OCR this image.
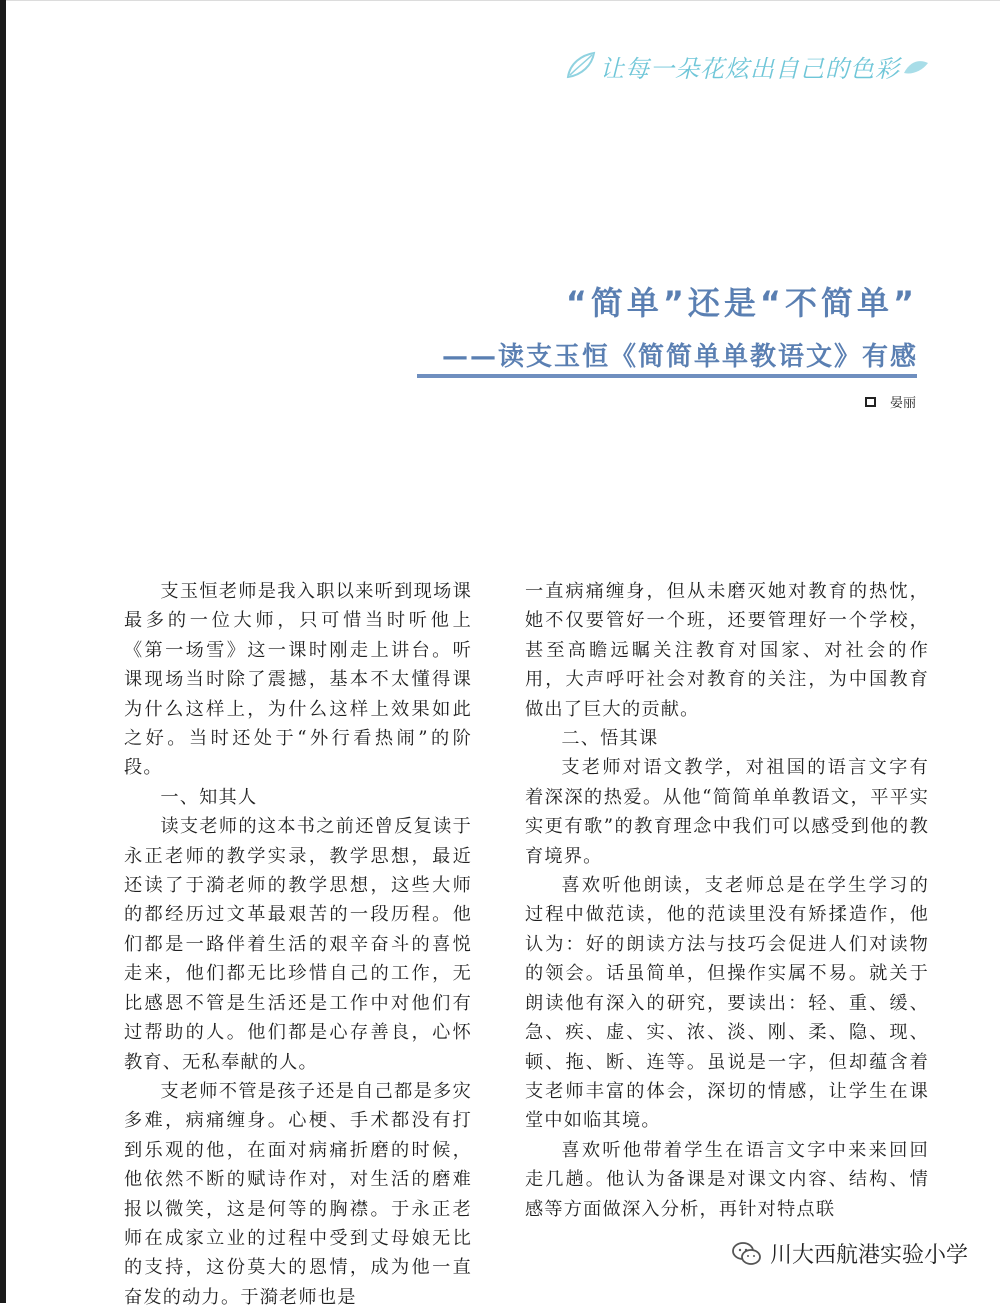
让每一朵花炫出自己的色彩
“简单”还是“不简单”
——读支玉恒《简简单单教语文》有感
晏丽

支玉恒老师是我入职以来听到现场课最多的一位大师，只可惜当时听他上《第一场雪》这一课时刚走上讲台。听课现场当时除了震撼，基本不太懂得课为什么这样上，为什么这样上效果如此之好。当时还处于“外行看热闹”的阶段。

一、知其人

读支老师的这本书之前还曾反复读于永正老师的教学实录，教学思想，最近还读了于漪老师的教学思想，这些大师的都经历过文革最艰苦的一段历程。他们都是一路伴着生活的艰辛奋斗的喜悦走来，他们都无比珍惜自己的工作，无比感恩不管是生活还是工作中对他们有过帮助的人。他们都是心存善良，心怀教育、无私奉献的人。

支老师不管是孩子还是自己都是多灾多难，病痛缠身。心梗、手术都没有打到乐观的他，在面对病痛折磨的时候，他依然不断的赋诗作对，对生活的磨难报以微笑，这是何等的胸襟。于永正老师在成家立业的过程中受到丈母娘无比的支持，这份莫大的恩情，成为他一直奋发的动力。于漪老师也是

一直病痛缠身，但从未磨灭她对教育的热忱，她不仅要管好一个班，还要管理好一个学校，甚至高瞻远瞩关注教育对国家、对社会的作用，大声呼吁社会对教育的关注，为中国教育做出了巨大的贡献。

二、悟其课

支老师对语文教学，对祖国的语言文字有着深深的热爱。从他“简简单单教语文，平平实实更有歌”的教育理念中我们可以感受到他的教育境界。

喜欢听他朗读，支老师总是在学生学习的过程中做范读，他的范读里没有矫揉造作，他认为：好的朗读方法与技巧会促进人们对读物的领会。话虽简单，但操作实属不易。就关于朗读他有深入的研究，要读出：轻、重、缓、急、疾、虚、实、浓、淡、刚、柔、隐、现、顿、拖、断、连等。虽说是一字，但却蕴含着支老师丰富的体会，深切的情感，让学生在课堂中如临其境。

喜欢听他带着学生在语言文字中来来回回走几趟。他认为备课是对课文内容、结构、情感等方面做深入分析，再针对特点联

川大西航港实验小学
